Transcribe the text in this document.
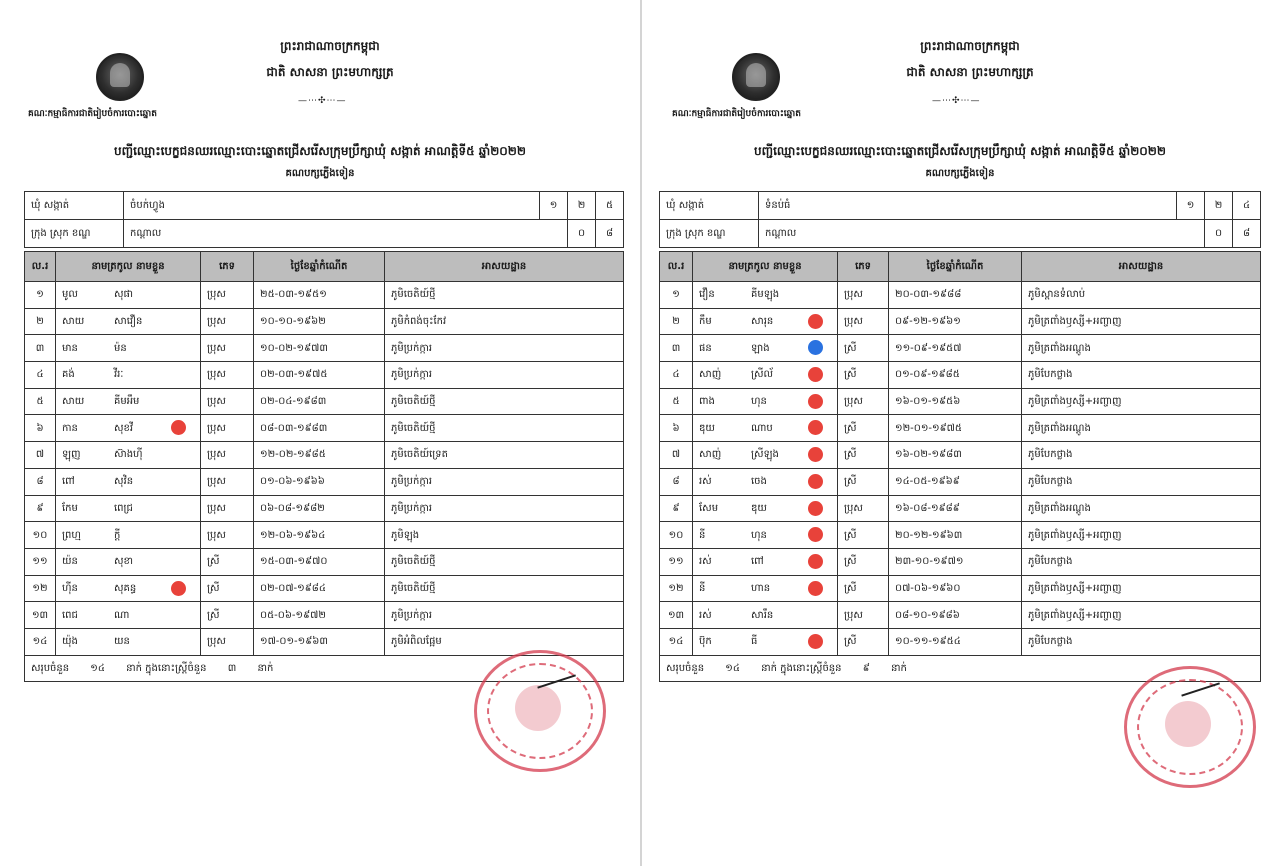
ព្រះរាជាណាចក្រកម្ពុជា
ជាតិ សាសនា ព្រះមហាក្សត្រ
—⋯✣⋯—
គណៈកម្មាធិការជាតិរៀបចំការបោះឆ្នោត
បញ្ជីឈ្មោះបេក្ខជនឈរឈ្មោះបោះឆ្នោតជ្រើសរើសក្រុមប្រឹក្សាឃុំ សង្កាត់ អាណត្តិទី៥ ឆ្នាំ២០២២
គណបក្សភ្លើងទៀន
ឃុំ សង្កាត់	ចំបក់ហ្វូង	១	២	៥
ក្រុង ស្រុក ខណ្ឌ	កណ្តាល		០	៨
ល.រ	នាមត្រកូល នាមខ្លួន	ភេទ	ថ្ងៃខែឆ្នាំកំណើត	អាសយដ្ឋាន
១	មូល សុផា	ប្រុស	២៥-០៣-១៩៥១	ភូមិចេតិយ៍ថ្មី
២	សាយ សាវឿន	ប្រុស	១០-១០-១៩៦២	ភូមិកំពង់ចុះកែវ
៣	មាន ម៉ន	ប្រុស	១០-០២-១៩៧៣	ភូមិប្រក់ក្ការ
៤	គង់ វីរៈ	ប្រុស	០២-០៣-១៩៧៥	ភូមិប្រក់ក្ការ
៥	សាយ គីមអឹម	ប្រុស	០២-០៤-១៩៨៣	ភូមិចេតិយ៍ថ្មី
៦	កាន សុខវី	ប្រុស	០៨-០៣-១៩៨៣	ភូមិចេតិយ៍ថ្មី
៧	ឡុញ ស៊ាងហ៊ី	ប្រុស	១២-០២-១៩៨៥	ភូមិចេតិយ៍ទ្រេត
៨	ពៅ សុវិន	ប្រុស	០១-០៦-១៩៦៦	ភូមិប្រក់ក្ការ
៩	កែម ពេជ្រ	ប្រុស	០៦-០៨-១៩៨២	ភូមិប្រក់ក្ការ
១០	ព្រហ្ម ក្តី	ប្រុស	១២-០៦-១៩៦៤	ភូមិឡុង
១១	យ៉ន សុខា	ស្រី	១៥-០៣-១៩៧០	ភូមិចេតិយ៍ថ្មី
១២	ហ៊ីន សុគន្ធ	ស្រី	០២-០៧-១៩៨៤	ភូមិចេតិយ៍ថ្មី
១៣	ពេជ ណា	ស្រី	០៥-០៦-១៩៧២	ភូមិប្រក់ក្ការ
១៤	យ៉ុង យន	ប្រុស	១៧-០១-១៩៦៣	ភូមិអំពិលផ្អែម
សរុបចំនួន ១៤ នាក់ ក្នុងនោះស្ត្រីចំនួន ៣ នាក់				
ព្រះរាជាណាចក្រកម្ពុជា
ជាតិ សាសនា ព្រះមហាក្សត្រ
—⋯✣⋯—
គណៈកម្មាធិការជាតិរៀបចំការបោះឆ្នោត
បញ្ជីឈ្មោះបេក្ខជនឈរឈ្មោះបោះឆ្នោតជ្រើសរើសក្រុមប្រឹក្សាឃុំ សង្កាត់ អាណត្តិទី៥ ឆ្នាំ២០២២
គណបក្សភ្លើងទៀន
ឃុំ សង្កាត់	ទំនប់ធំ	១	២	៤
ក្រុង ស្រុក ខណ្ឌ	កណ្តាល		០	៨
ល.រ	នាមត្រកូល នាមខ្លួន	ភេទ	ថ្ងៃខែឆ្នាំកំណើត	អាសយដ្ឋាន
១	វឿន គីមឡុង	ប្រុស	២០-០៣-១៩៨៨	ភូមិស្ពានទំលាប់
២	កឹម សារុន	ប្រុស	០៩-១២-១៩៦១	ភូមិត្រពាំងឫស្សី+អញ្ចាញ
៣	ផន ឡាង	ស្រី	១១-០៩-១៩៥៧	ភូមិត្រពាំងអណ្តូង
៤	សាញ់ ស្រីល័	ស្រី	០១-០៩-១៩៨៥	ភូមិបែកថ្លាង
៥	ពាង ហុន	ប្រុស	១៦-០១-១៩៥៦	ភូមិត្រពាំងឫស្សី+អញ្ចាញ
៦	ឌុយ ណាប	ស្រី	១២-០១-១៩៧៥	ភូមិត្រពាំងអណ្តូង
៧	សាញ់ ស្រីឡុង	ស្រី	១៦-០២-១៩៨៣	ភូមិបែកថ្លាង
៨	រស់ ចេង	ស្រី	១៤-០៥-១៩៦៩	ភូមិបែកថ្លាង
៩	សែម ឌុយ	ប្រុស	១៦-០៨-១៩៨៩	ភូមិត្រពាំងអណ្តូង
១០	នី ហុន	ស្រី	២០-១២-១៩៦៣	ភូមិត្រពាំងឫស្សី+អញ្ចាញ
១១	រស់ ពៅ	ស្រី	២៣-១០-១៩៧១	ភូមិបែកថ្លាង
១២	នី ហាន	ស្រី	០៧-០៦-១៩៦០	ភូមិត្រពាំងឫស្សី+អញ្ចាញ
១៣	រស់ សារឹន	ប្រុស	០៨-១០-១៩៨៦	ភូមិត្រពាំងឫស្សី+អញ្ចាញ
១៤	ប៊ុក ធី	ស្រី	១០-១១-១៩៥៤	ភូមិបែកថ្លាង
សរុបចំនួន ១៤ នាក់ ក្នុងនោះស្ត្រីចំនួន ៩ នាក់				
